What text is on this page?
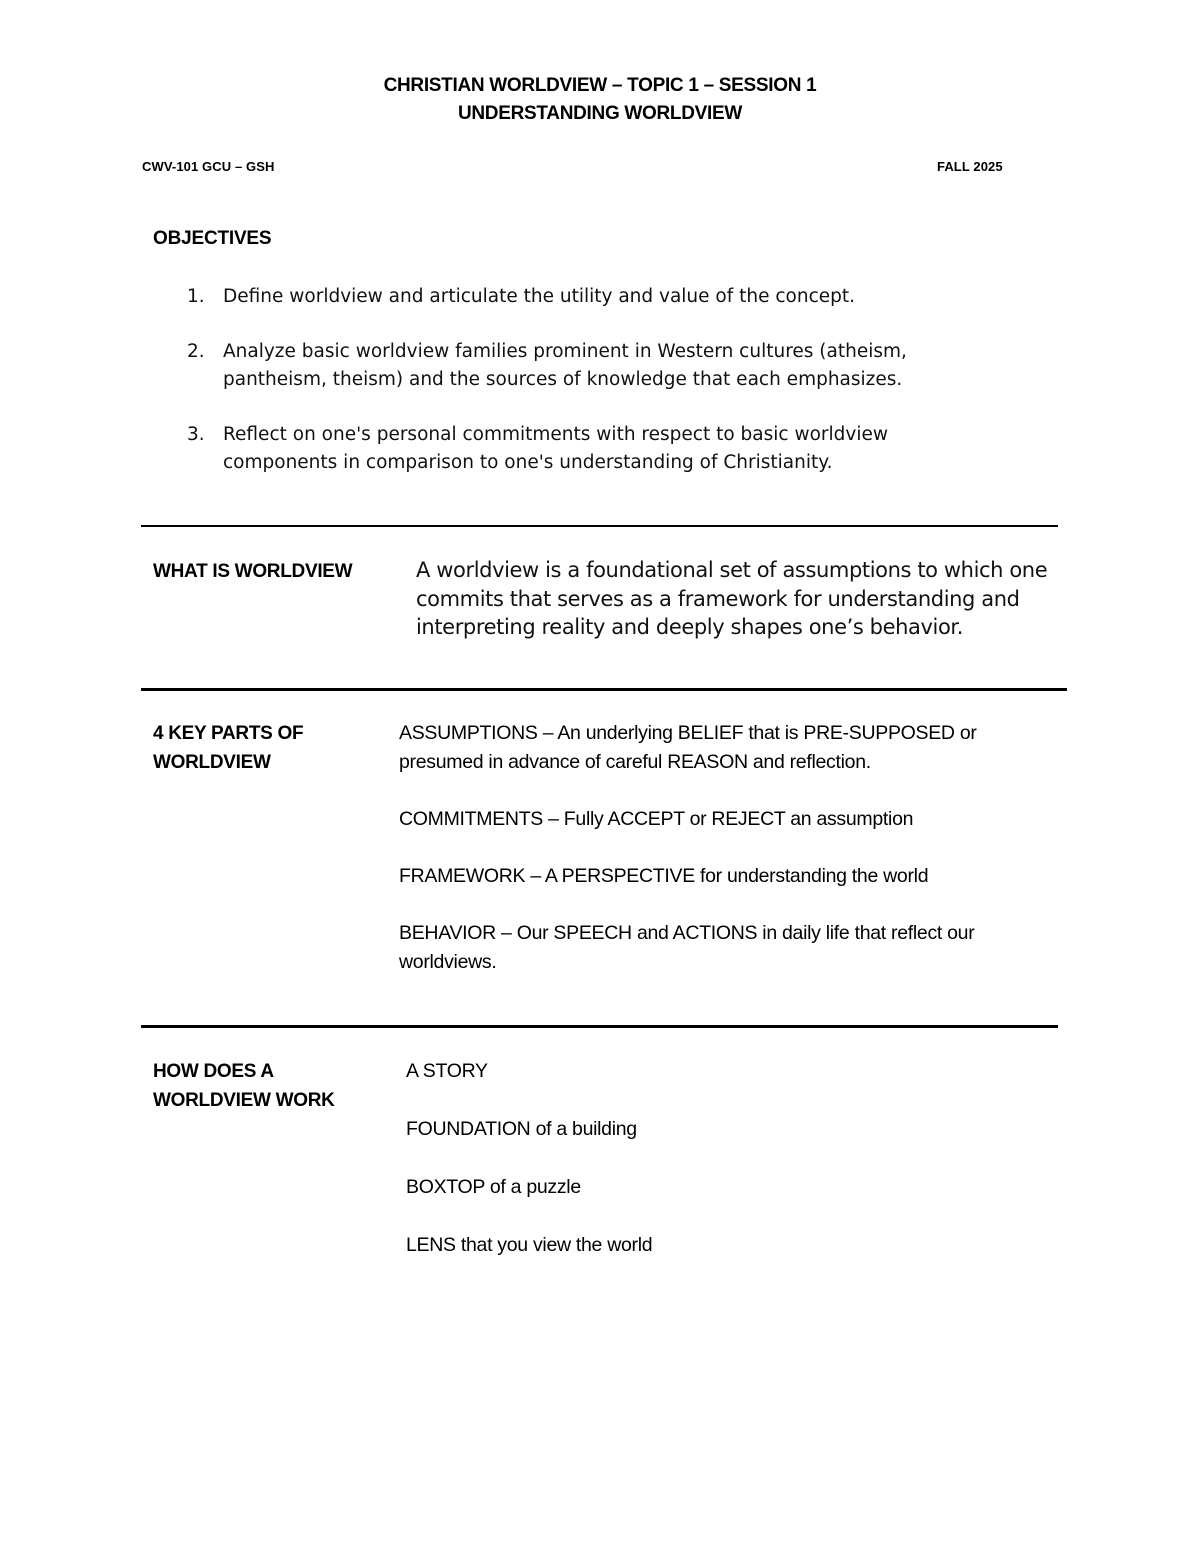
CHRISTIAN WORLDVIEW – TOPIC 1 – SESSION 1
UNDERSTANDING WORLDVIEW
CWV-101 GCU – GSH	FALL 2025
OBJECTIVES
1. Define worldview and articulate the utility and value of the concept.
2. Analyze basic worldview families prominent in Western cultures (atheism, pantheism, theism) and the sources of knowledge that each emphasizes.
3. Reflect on one's personal commitments with respect to basic worldview components in comparison to one's understanding of Christianity.
WHAT IS WORLDVIEW	A worldview is a foundational set of assumptions to which one commits that serves as a framework for understanding and interpreting reality and deeply shapes one’s behavior.
4 KEY PARTS OF WORLDVIEW

ASSUMPTIONS – An underlying BELIEF that is PRE-SUPPOSED or presumed in advance of careful REASON and reflection.

COMMITMENTS – Fully ACCEPT or REJECT an assumption

FRAMEWORK – A PERSPECTIVE for understanding the world

BEHAVIOR – Our SPEECH and ACTIONS in daily life that reflect our worldviews.

HOW DOES A WORLDVIEW WORK

A STORY

FOUNDATION of a building

BOXTOP of a puzzle

LENS that you view the world
